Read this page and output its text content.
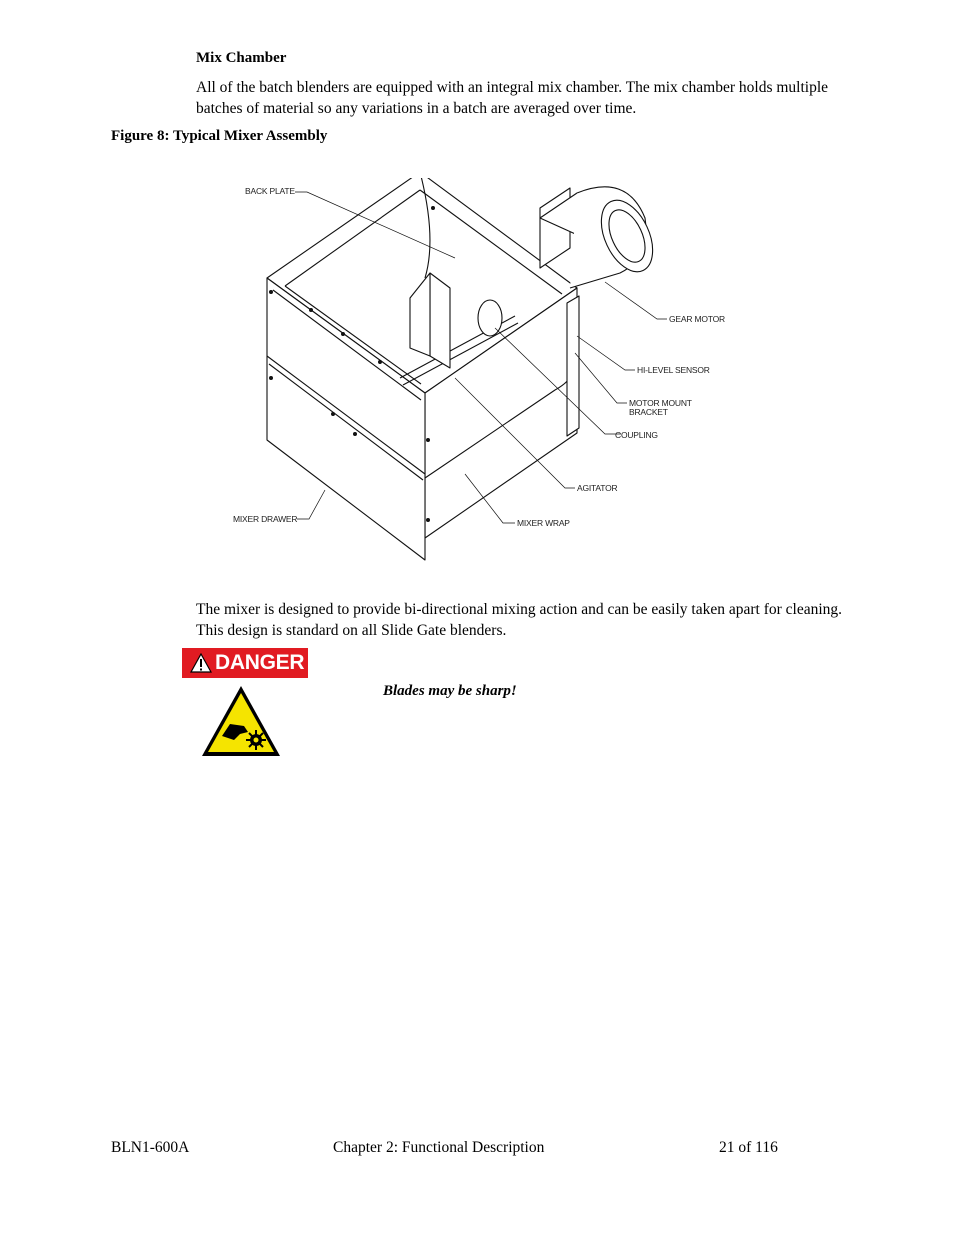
Mix Chamber
All of the batch blenders are equipped with an integral mix chamber. The mix chamber holds multiple batches of material so any variations in a batch are averaged over time.
Figure 8: Typical Mixer Assembly
BACK PLATE
GEAR MOTOR
HI-LEVEL SENSOR
MOTOR MOUNT
BRACKET
COUPLING
AGITATOR
MIXER DRAWER	MIXER WRAP
The mixer is designed to provide bi-directional mixing action and can be easily taken apart for cleaning. This design is standard on all Slide Gate blenders.
DANGER
Blades may be sharp!
BLN1-600A	Chapter 2: Functional Description	21 of 116
